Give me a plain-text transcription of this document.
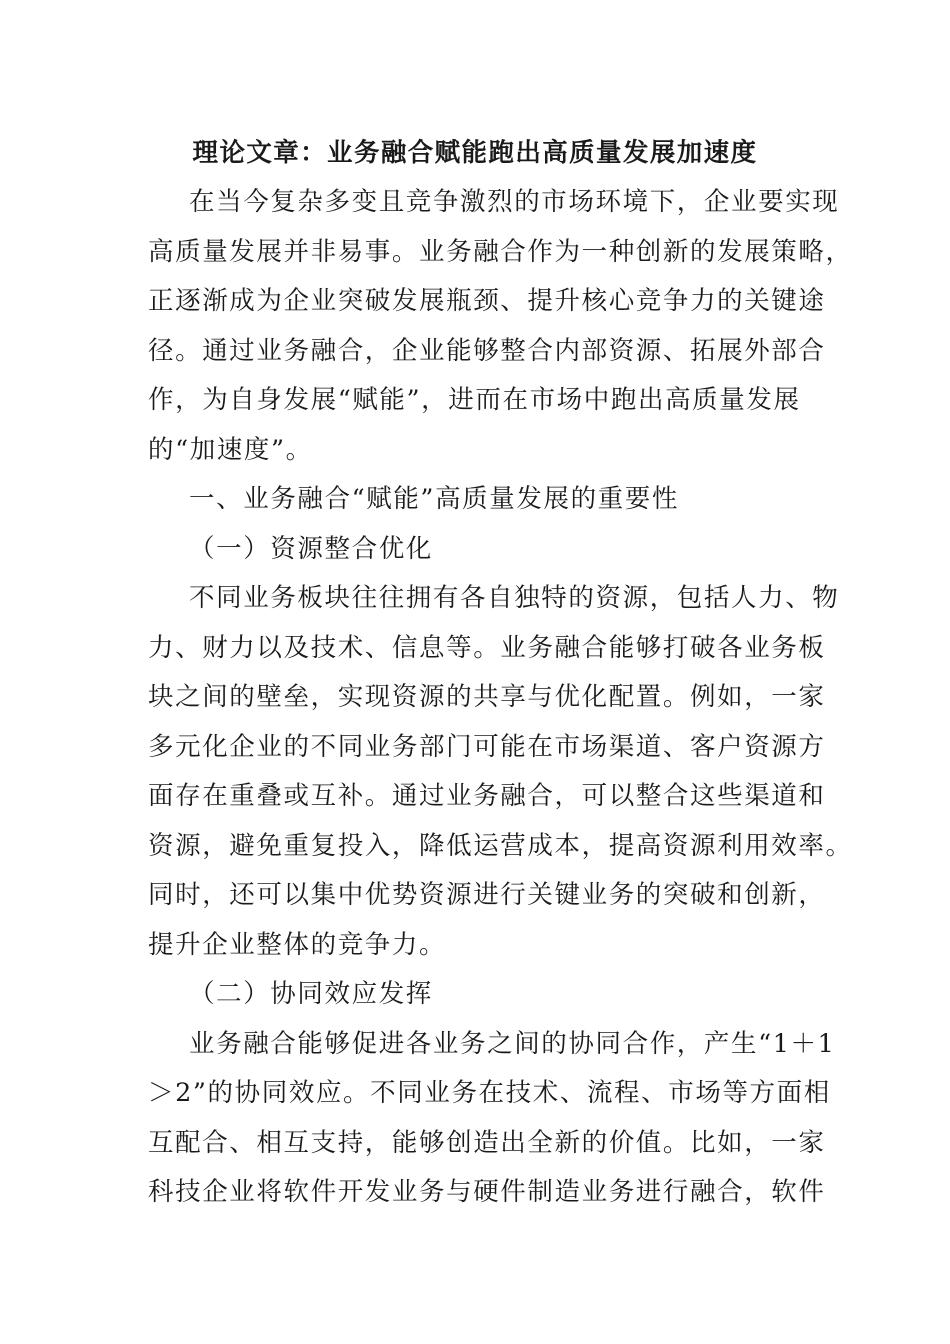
理论文章：业务融合赋能跑出高质量发展加速度
在当今复杂多变且竞争激烈的市场环境下，企业要实现
高质量发展并非易事。业务融合作为一种创新的发展策略，
正逐渐成为企业突破发展瓶颈、提升核心竞争力的关键途
径。通过业务融合，企业能够整合内部资源、拓展外部合
作，为自身发展“赋能”，进而在市场中跑出高质量发展
的“加速度”。
一、业务融合“赋能”高质量发展的重要性
（一）资源整合优化
不同业务板块往往拥有各自独特的资源，包括人力、物
力、财力以及技术、信息等。业务融合能够打破各业务板
块之间的壁垒，实现资源的共享与优化配置。例如，一家
多元化企业的不同业务部门可能在市场渠道、客户资源方
面存在重叠或互补。通过业务融合，可以整合这些渠道和
资源，避免重复投入，降低运营成本，提高资源利用效率。
同时，还可以集中优势资源进行关键业务的突破和创新，
提升企业整体的竞争力。
（二）协同效应发挥
业务融合能够促进各业务之间的协同合作，产生“1＋1
＞2”的协同效应。不同业务在技术、流程、市场等方面相
互配合、相互支持，能够创造出全新的价值。比如，一家
科技企业将软件开发业务与硬件制造业务进行融合，软件
